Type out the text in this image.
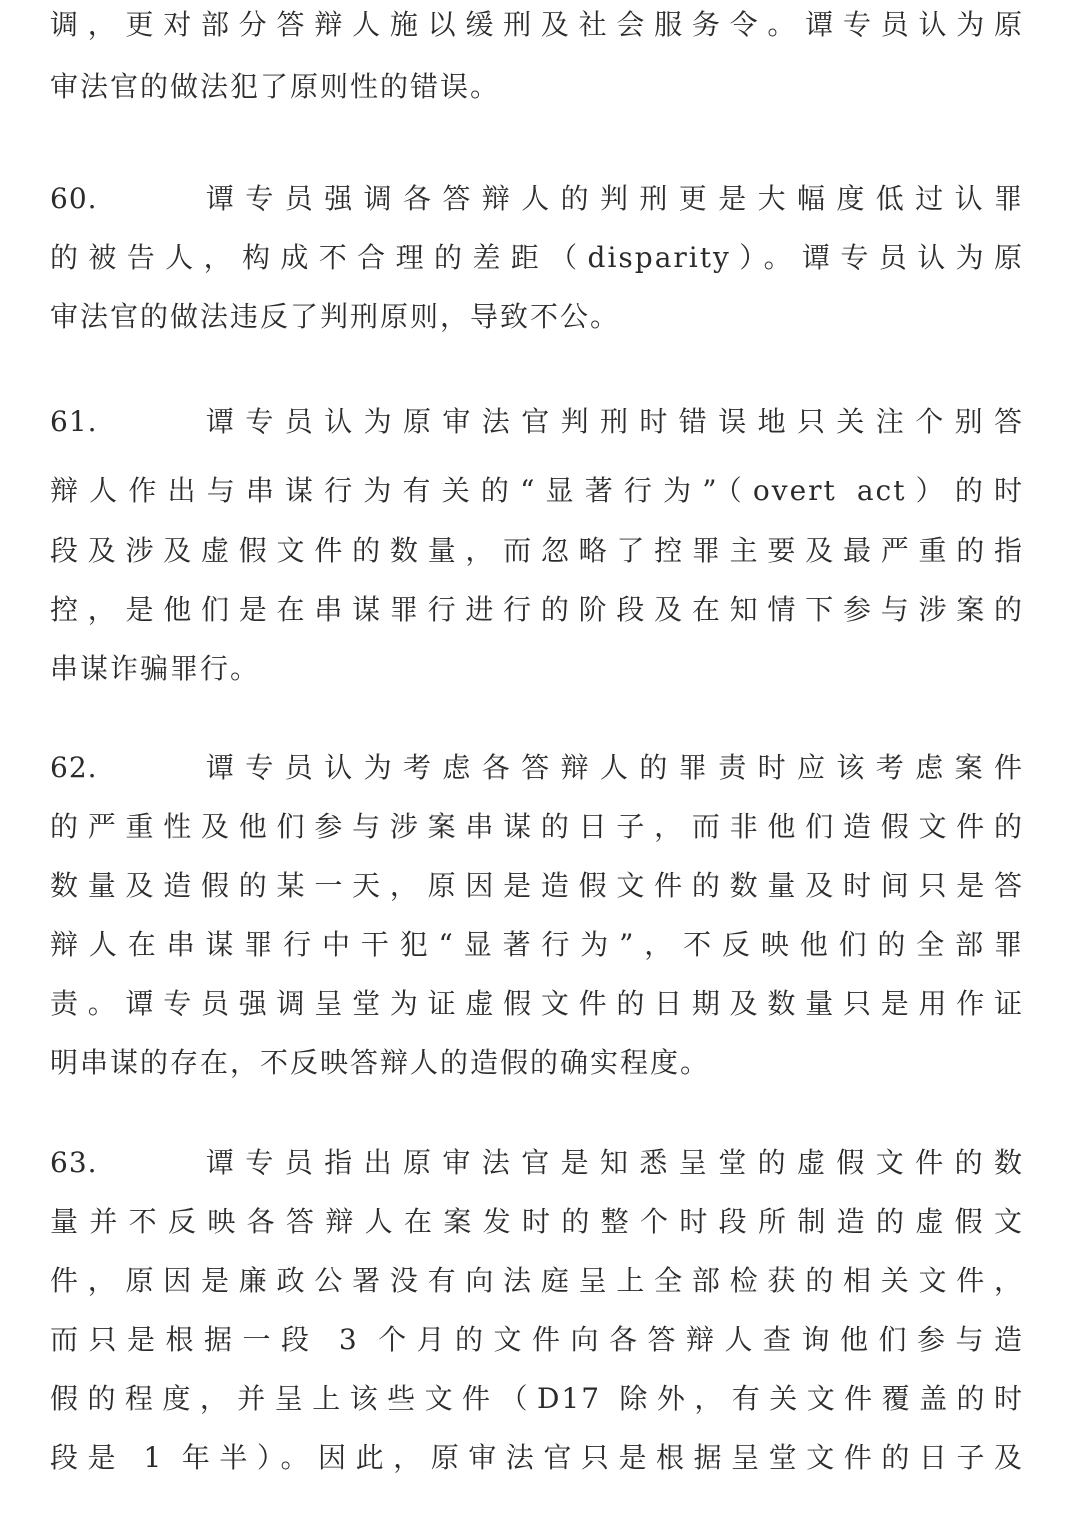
调，更对部分答辩人施以缓刑及社会服务令。谭专员认为原
审法官的做法犯了原则性的错误。
60.	谭专员强调各答辩人的判刑更是大幅度低过认罪
的被告人，构成不合理的差距（disparity）。谭专员认为原
审法官的做法违反了判刑原则，导致不公。
61.	谭专员认为原审法官判刑时错误地只关注个别答
辩人作出与串谋行为有关的“显著行为”（overt act）的时
段及涉及虚假文件的数量，而忽略了控罪主要及最严重的指
控，是他们是在串谋罪行进行的阶段及在知情下参与涉案的
串谋诈骗罪行。
62.	谭专员认为考虑各答辩人的罪责时应该考虑案件
的严重性及他们参与涉案串谋的日子，而非他们造假文件的
数量及造假的某一天，原因是造假文件的数量及时间只是答
辩人在串谋罪行中干犯“显著行为”，不反映他们的全部罪
责。谭专员强调呈堂为证虚假文件的日期及数量只是用作证
明串谋的存在，不反映答辩人的造假的确实程度。
63.	谭专员指出原审法官是知悉呈堂的虚假文件的数
量并不反映各答辩人在案发时的整个时段所制造的虚假文
件，原因是廉政公署没有向法庭呈上全部检获的相关文件，
而只是根据一段 3 个月的文件向各答辩人查询他们参与造
假的程度，并呈上该些文件（D17 除外，有关文件覆盖的时
段是 1 年半）。因此，原审法官只是根据呈堂文件的日子及
